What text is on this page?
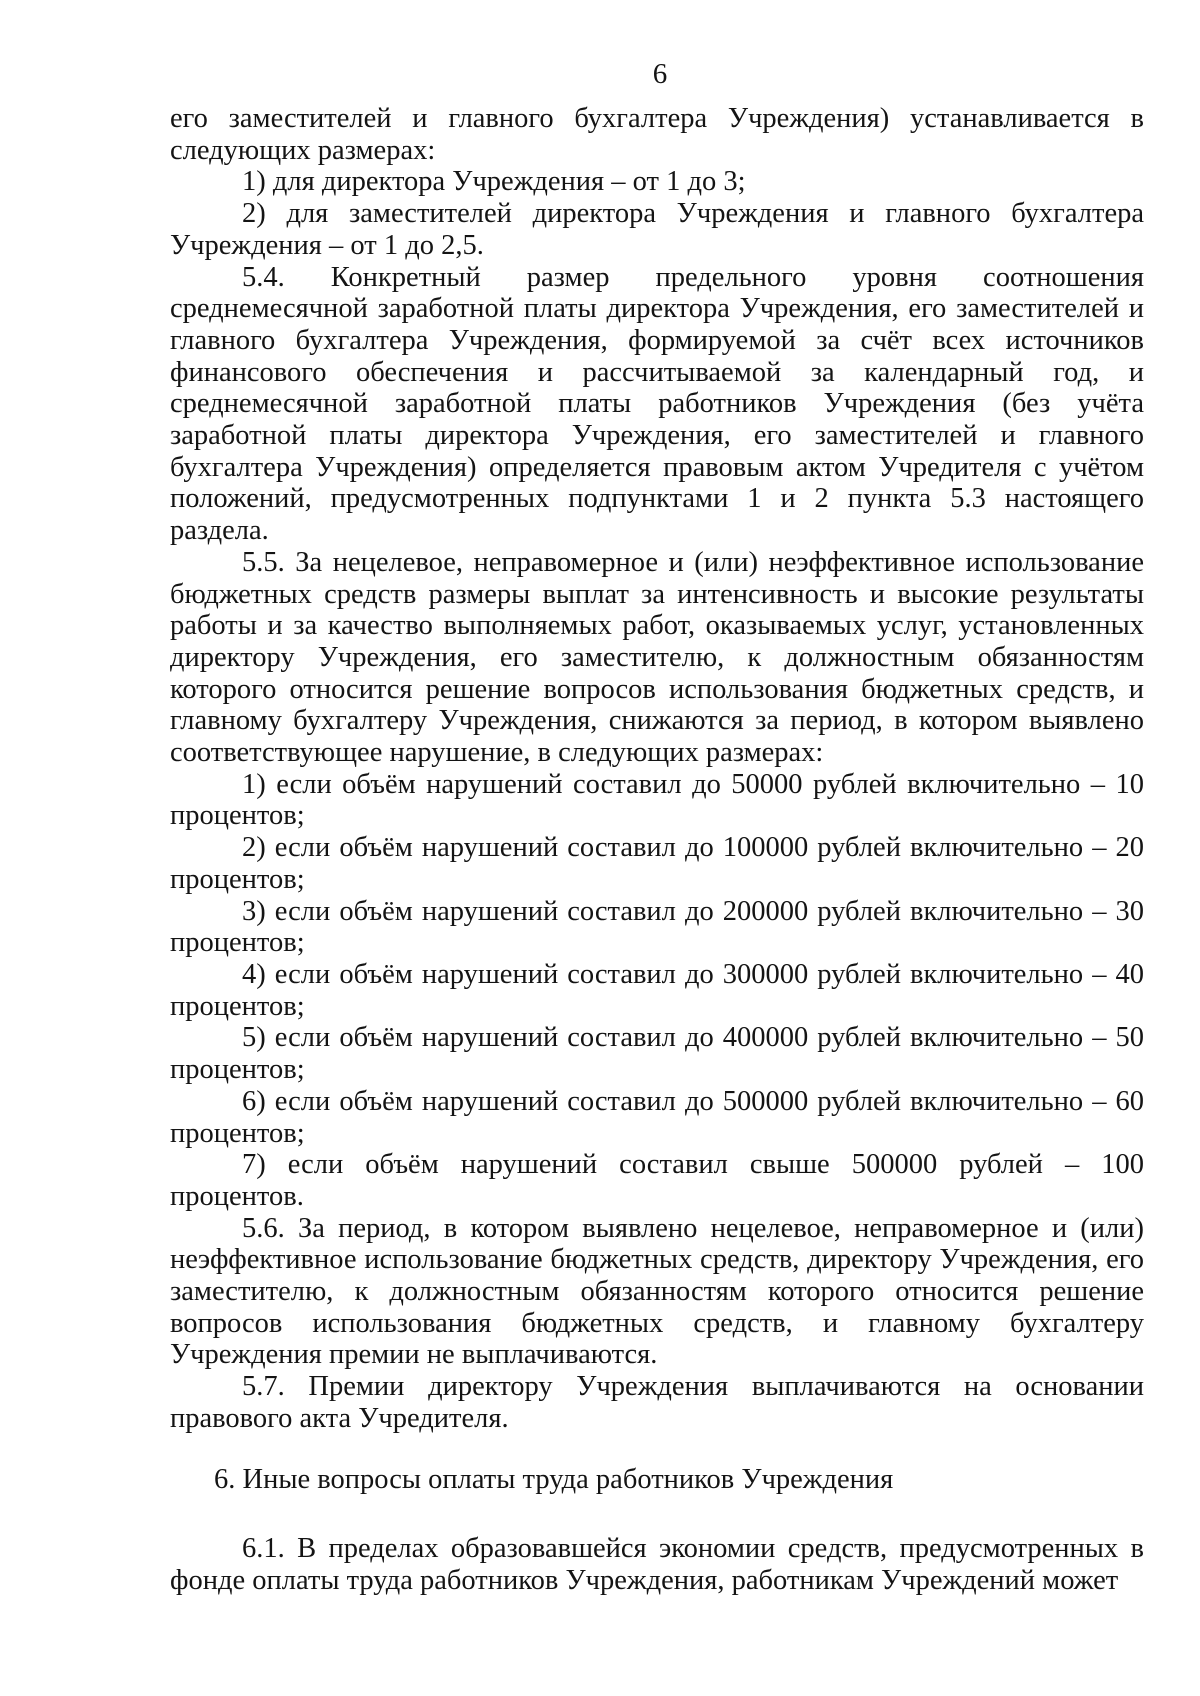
6

его заместителей и главного бухгалтера Учреждения) устанавливается в следующих размерах:

1) для директора Учреждения – от 1 до 3;

2) для заместителей директора Учреждения и главного бухгалтера Учреждения – от 1 до 2,5.

5.4. Конкретный размер предельного уровня соотношения среднемесячной заработной платы директора Учреждения, его заместителей и главного бухгалтера Учреждения, формируемой за счёт всех источников финансового обеспечения и рассчитываемой за календарный год, и среднемесячной заработной платы работников Учреждения (без учёта заработной платы директора Учреждения, его заместителей и главного бухгалтера Учреждения) определяется правовым актом Учредителя с учётом положений, предусмотренных подпунктами 1 и 2 пункта 5.3 настоящего раздела.

5.5. За нецелевое, неправомерное и (или) неэффективное использование бюджетных средств размеры выплат за интенсивность и высокие результаты работы и за качество выполняемых работ, оказываемых услуг, установленных директору Учреждения, его заместителю, к должностным обязанностям которого относится решение вопросов использования бюджетных средств, и главному бухгалтеру Учреждения, снижаются за период, в котором выявлено соответствующее нарушение, в следующих размерах:

1) если объём нарушений составил до 50000 рублей включительно – 10 процентов;

2) если объём нарушений составил до 100000 рублей включительно – 20 процентов;

3) если объём нарушений составил до 200000 рублей включительно – 30 процентов;

4) если объём нарушений составил до 300000 рублей включительно – 40 процентов;

5) если объём нарушений составил до 400000 рублей включительно – 50 процентов;

6) если объём нарушений составил до 500000 рублей включительно – 60 процентов;

7) если объём нарушений составил свыше 500000 рублей – 100 процентов.

5.6. За период, в котором выявлено нецелевое, неправомерное и (или) неэффективное использование бюджетных средств, директору Учреждения, его заместителю, к должностным обязанностям которого относится решение вопросов использования бюджетных средств, и главному бухгалтеру Учреждения премии не выплачиваются.

5.7. Премии директору Учреждения выплачиваются на основании правового акта Учредителя.

6. Иные вопросы оплаты труда работников Учреждения

6.1. В пределах образовавшейся экономии средств, предусмотренных в фонде оплаты труда работников Учреждения, работникам Учреждений может
